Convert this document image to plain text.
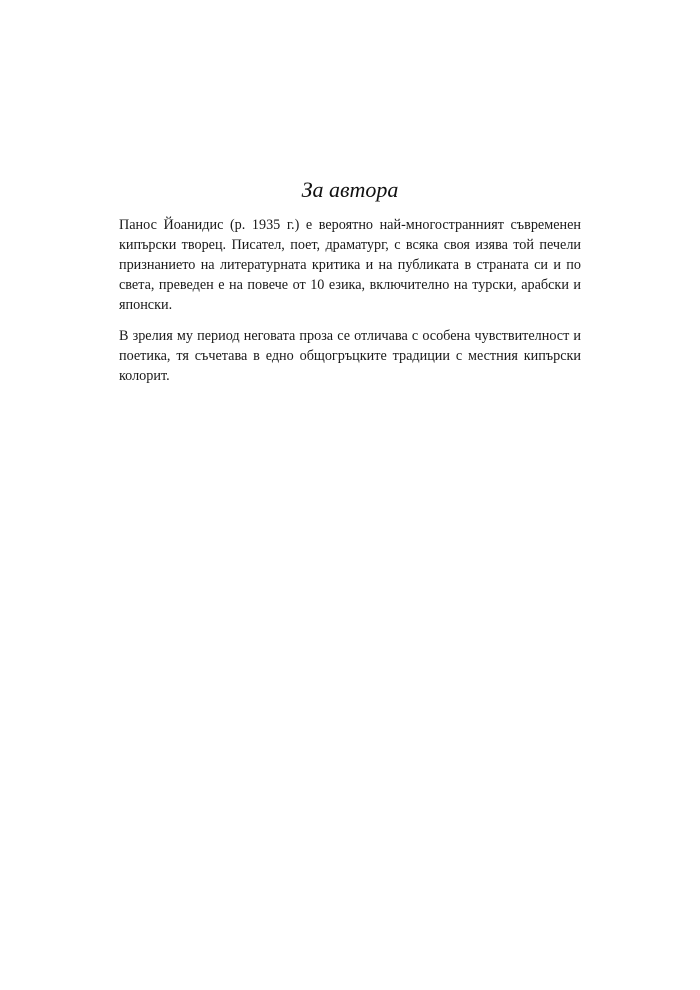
За автора

Панос Йоанидис (р. 1935 г.) е вероятно най-многостранният съвременен кипърски творец. Писател, поет, драматург, с всяка своя изява той печели признанието на литературната критика и на публиката в страната си и по света, преведен е на повече от 10 езика, включително на турски, арабски и японски.

В зрелия му период неговата проза се отличава с особена чувствителност и поетика, тя съчетава в едно общогръцките традиции с местния кипърски колорит.
